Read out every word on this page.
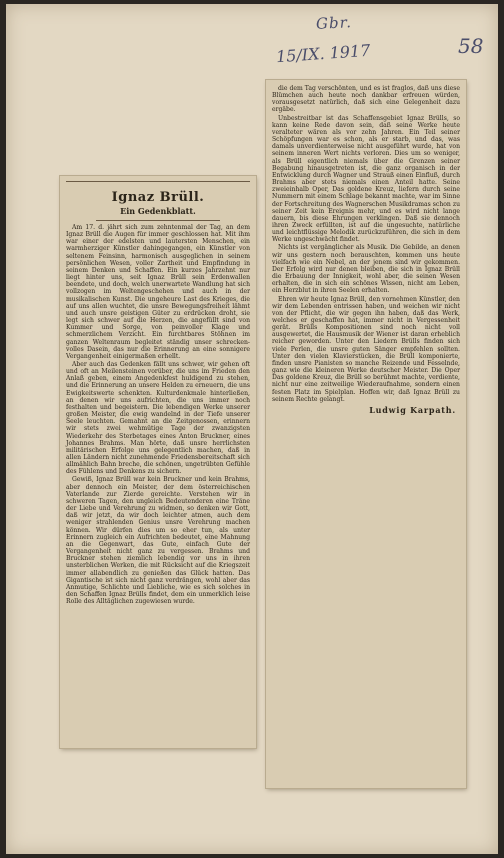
Gbr.
15/IX. 1917	58
Ignaz Brüll.
Ein Gedenkblatt.

Am 17. d. jährt sich zum zehntenmal der Tag, an dem Ignaz Brüll die Augen für immer geschlossen hat. Mit ihm war einer der edelsten und lautersten Menschen, ein warmherziger Künstler dahingegangen, ein Künstler von seltenem Feinsinn, harmonisch ausgeglichen in seinem persönlichen Wesen, voller Zartheit und Empfindung in seinem Denken und Schaffen. Ein kurzes Jahrzehnt nur liegt hinter uns, seit Ignaz Brüll sein Erdenwallen beendete, und doch, welch unerwartete Wandlung hat sich vollzogen im Weltengeschehen und auch in der musikalischen Kunst. Die ungeheure Last des Krieges, die auf uns allen wuchtet, die unsre Bewegungsfreiheit lähmt und auch unsre geistigen Güter zu erdrücken droht, sie legt sich schwer auf die Herzen, die angefüllt sind von Kummer und Sorge, von peinvoller Klage und schmerzlichem Verzicht. Ein furchtbares Stöhnen im ganzen Weltenraum begleitet ständig unser schrecken-volles Dasein, das nur die Erinnerung an eine sonnigere Vergangenheit einigermaßen erhellt.

Aber auch das Gedenken fällt uns schwer, wir gehen oft und oft an Meilensteinen vorüber, die uns im Frieden den Anlaß geben, einem Angedenkfest huldigend zu stehen, und die Erinnerung an unsere Helden zu erneuern, die uns Ewigkeitswerte schenkten. Kulturdenkmale hinterließen, an denen wir uns aufrichten, die uns immer noch festhalten und begeistern. Die lebendigen Werke unserer großen Meister, die ewig wandelnd in der Tiefe unserer Seele leuchten. Gemahnt an die Zeitgenossen, erinnern wir stets zwei wehmütige Tage der zwanzigsten Wiederkehr des Sterbetages eines Anton Bruckner, eines Johannes Brahms. Man hörte, daß unsre herrlichsten militärischen Erfolge uns gelegentlich machen, daß in allen Ländern nicht zunehmende Friedensbereitschaft sich allmählich Bahn breche, die schönen, ungetrübten Gefühle des Fühlens und Denkens zu sichern.

Gewiß, Ignaz Brüll war kein Bruckner und kein Brahms, aber dennoch ein Meister, der dem österreichischen Vaterlande zur Zierde gereichte. Verstehen wir in schweren Tagen, den ungleich Bedeutenderen eine Träne der Liebe und Verehrung zu widmen, so denken wir Gott, daß wir jetzt, da wir doch leichter atmen, auch dem weniger strahlenden Genius unsre Verehrung machen können. Wir dürfen dies um so eher tun, als unter Erinnern zugleich ein Aufrichten bedeutet, eine Mahnung an die Gegenwart, das Gute, einfach Gute der Vergangenheit nicht ganz zu vergessen. Brahms und Bruckner stehen ziemlich lebendig vor uns in ihren unsterblichen Werken, die mit Rücksicht auf die Kriegszeit immer allabendlich zu genießen das Glück hatten. Das Gigantische ist sich nicht ganz verdrängen, wohl aber das Anmutige, Schlichte und Liebliche, wie es sich solches in den Schaffen Ignaz Brülls findet, dem ein unmerklich leise Rolle des Alltäglichen zugewiesen wurde.

die dem Tag verschönten, und es ist fraglos, daß uns diese Blümchen auch heute noch dankbar erfreuen würden, vorausgesetzt natürlich, daß sich eine Gelegenheit dazu ergäbe.

Unbestreitbar ist das Schaffensgebiet Ignaz Brülls, so kann keine Rede davon sein, daß seine Werke heute veralteter wären als vor zehn Jahren. Ein Teil seiner Schöpfungen war es schon, als er starb, und das, was damals unverdienterweise nicht ausgeführt wurde, hat von seinem inneren Wert nichts verloren. Dies um so weniger, als Brüll eigentlich niemals über die Grenzen seiner Begabung hinausgetreten ist, die ganz organisch in der Entwicklung durch Wagner und Strauß einen Einfluß, durch Brahms aber stets niemals einen Anteil hatte. Seine zweieinhalb Oper, Das goldene Kreuz, liefern durch seine Nummern mit einem Schlage bekannt machte, war im Sinne der Fortschreitung des Wagnerschen Musikdramas schon zu seiner Zeit kein Ereignis mehr, und es wird nicht lange dauern, bis diese Ehrungen verklingen. Daß sie dennoch ihren Zweck erfüllten, ist auf die ungesuchte, natürliche und leichtflüssige Melodik zurückzuführen, die sich in dem Werke ungeschwächt findet.

Nichts ist vergänglicher als Musik. Die Gebilde, an denen wir uns gestern noch berauschten, kommen uns heute vielfach wie ein Nebel, an der jenem sind wir gekommen. Der Erfolg wird nur denen bleiben, die sich in Ignaz Brüll die Erbauung der Innigkeit, wohl aber, die seinen Wesen erhalten, die in sich ein schönes Wissen, nicht am Leben, ein Herzblut in ihren Seelen erhalten.

Ehren wir heute Ignaz Brüll, den vornehmen Künstler, den wir dem Lebenden entrissen haben, und weichen wir nicht von der Pflicht, die wir gegen ihn haben, daß das Werk, welches er geschaffen hat, immer nicht in Vergessenheit gerät. Brülls Kompositionen sind noch nicht voll ausgewertet, die Hausmusik der Wiener ist daran erheblich reicher geworden. Unter den Liedern Brülls finden sich viele Perlen, die unsre guten Sänger empfehlen sollten. Unter den vielen Klavierstücken, die Brüll komponierte, finden unsre Pianisten so manche Reizende und Fesselnde, ganz wie die kleineren Werke deutscher Meister. Die Oper Das goldene Kreuz, die Brüll so berühmt machte, verdiente, nicht nur eine zeitweilige Wiederaufnahme, sondern einen festen Platz im Spielplan. Hoffen wir, daß Ignaz Brüll zu seinem Rechte gelangt.

Ludwig Karpath.
